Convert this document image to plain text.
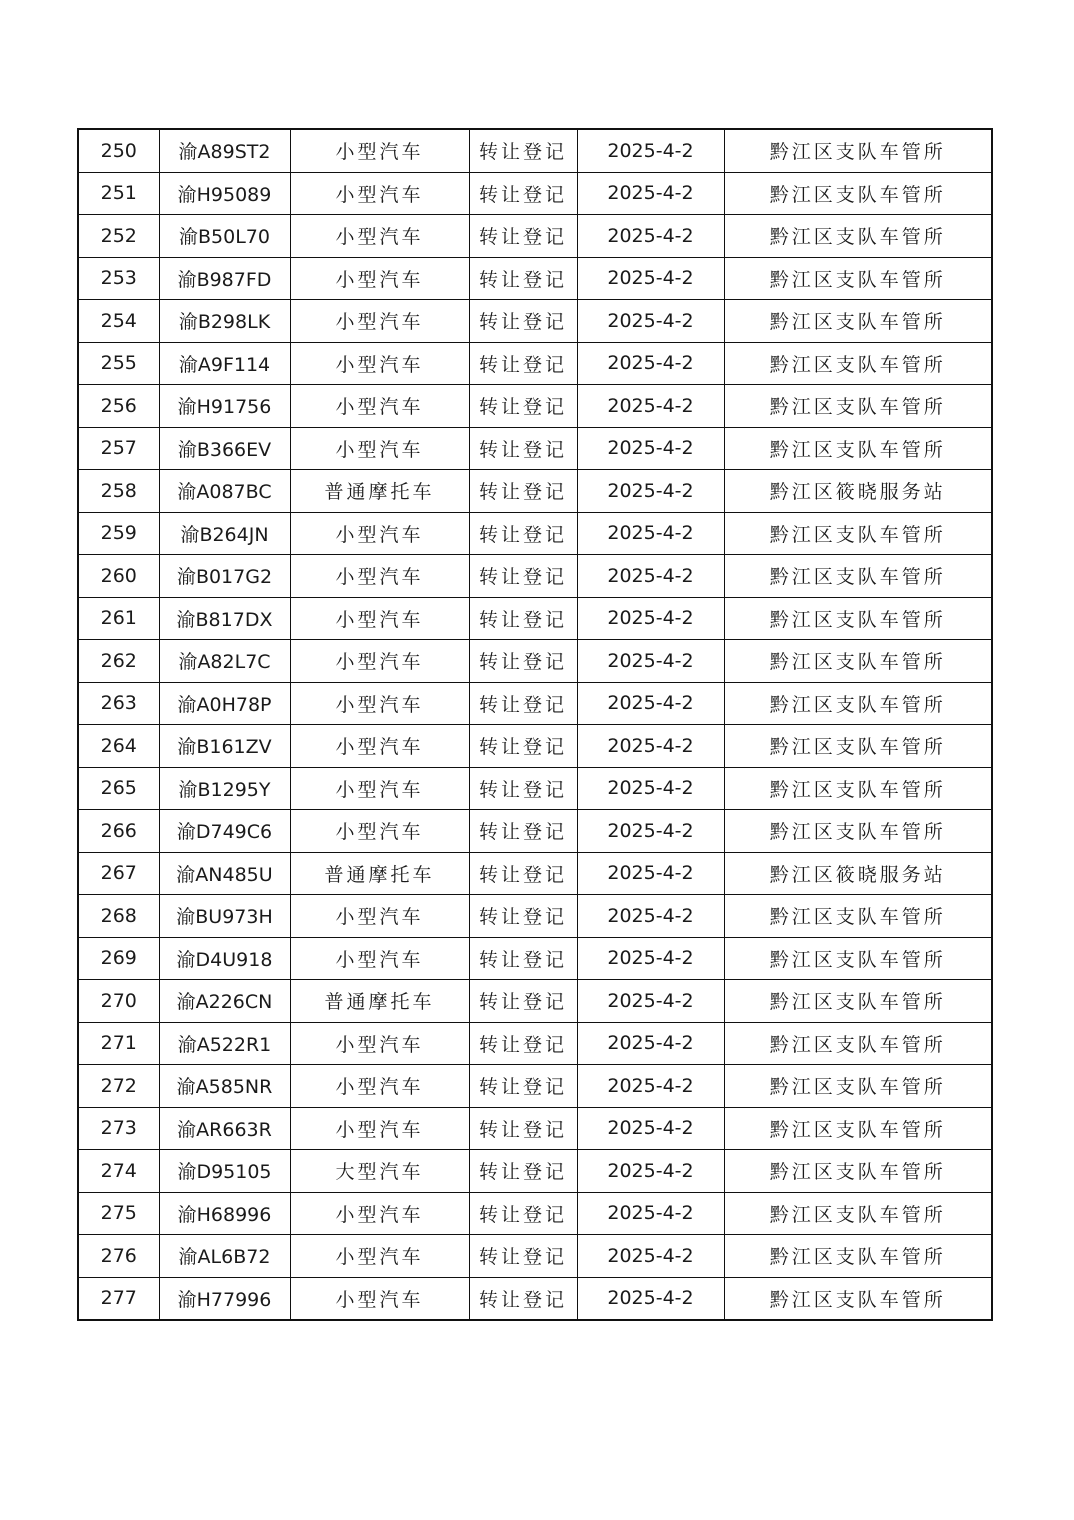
250	渝A89ST2	小型汽车	转让登记	2025-4-2	黔江区支队车管所
251	渝H95089	小型汽车	转让登记	2025-4-2	黔江区支队车管所
252	渝B50L70	小型汽车	转让登记	2025-4-2	黔江区支队车管所
253	渝B987FD	小型汽车	转让登记	2025-4-2	黔江区支队车管所
254	渝B298LK	小型汽车	转让登记	2025-4-2	黔江区支队车管所
255	渝A9F114	小型汽车	转让登记	2025-4-2	黔江区支队车管所
256	渝H91756	小型汽车	转让登记	2025-4-2	黔江区支队车管所
257	渝B366EV	小型汽车	转让登记	2025-4-2	黔江区支队车管所
258	渝A087BC	普通摩托车	转让登记	2025-4-2	黔江区筱晓服务站
259	渝B264JN	小型汽车	转让登记	2025-4-2	黔江区支队车管所
260	渝B017G2	小型汽车	转让登记	2025-4-2	黔江区支队车管所
261	渝B817DX	小型汽车	转让登记	2025-4-2	黔江区支队车管所
262	渝A82L7C	小型汽车	转让登记	2025-4-2	黔江区支队车管所
263	渝A0H78P	小型汽车	转让登记	2025-4-2	黔江区支队车管所
264	渝B161ZV	小型汽车	转让登记	2025-4-2	黔江区支队车管所
265	渝B1295Y	小型汽车	转让登记	2025-4-2	黔江区支队车管所
266	渝D749C6	小型汽车	转让登记	2025-4-2	黔江区支队车管所
267	渝AN485U	普通摩托车	转让登记	2025-4-2	黔江区筱晓服务站
268	渝BU973H	小型汽车	转让登记	2025-4-2	黔江区支队车管所
269	渝D4U918	小型汽车	转让登记	2025-4-2	黔江区支队车管所
270	渝A226CN	普通摩托车	转让登记	2025-4-2	黔江区支队车管所
271	渝A522R1	小型汽车	转让登记	2025-4-2	黔江区支队车管所
272	渝A585NR	小型汽车	转让登记	2025-4-2	黔江区支队车管所
273	渝AR663R	小型汽车	转让登记	2025-4-2	黔江区支队车管所
274	渝D95105	大型汽车	转让登记	2025-4-2	黔江区支队车管所
275	渝H68996	小型汽车	转让登记	2025-4-2	黔江区支队车管所
276	渝AL6B72	小型汽车	转让登记	2025-4-2	黔江区支队车管所
277	渝H77996	小型汽车	转让登记	2025-4-2	黔江区支队车管所
